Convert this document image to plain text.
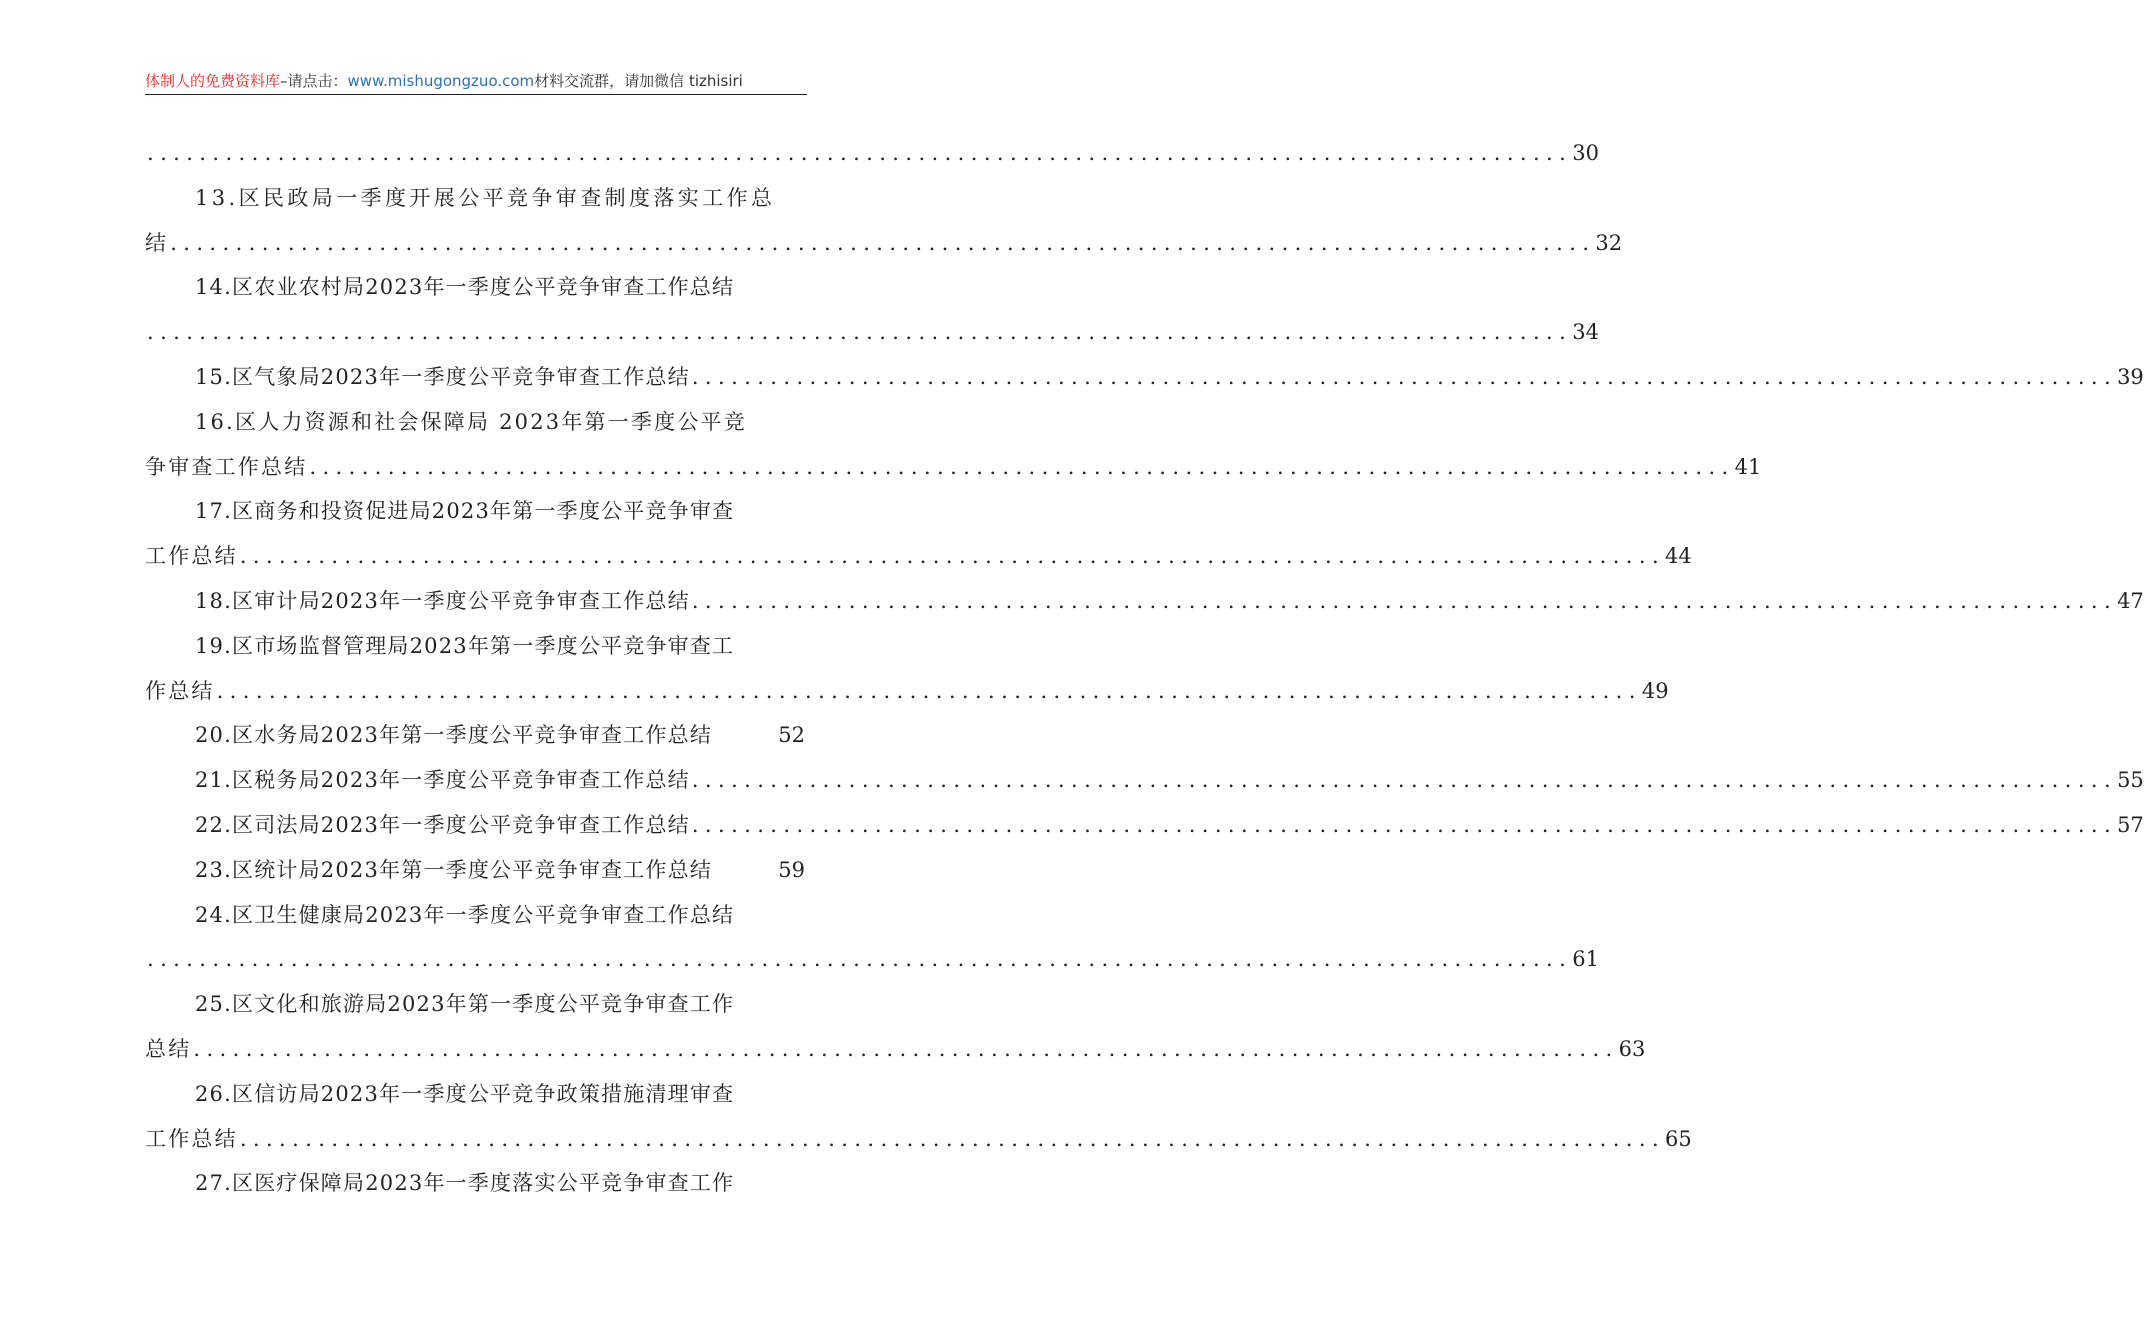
体制人的免费资料库–请点击：www.mishugongzuo.com材料交流群，请加微信 tizhisiri
............................................................................................................. 30
13.区民政局一季度开展公平竞争审查制度落实工作总
结 ............................................................................................................. 32
14.区农业农村局2023年一季度公平竞争审查工作总结
............................................................................................................. 34
15.区气象局2023年一季度公平竞争审查工作总结 ............................................................................................................. 39
16.区人力资源和社会保障局 2023年第一季度公平竞
争审查工作总结 ............................................................................................................. 41
17.区商务和投资促进局2023年第一季度公平竞争审查
工作总结 ............................................................................................................. 44
18.区审计局2023年一季度公平竞争审查工作总结 ............................................................................................................. 47
19.区市场监督管理局2023年第一季度公平竞争审查工
作总结 ............................................................................................................. 49
20.区水务局2023年第一季度公平竞争审查工作总结	52
21.区税务局2023年一季度公平竞争审查工作总结 ............................................................................................................. 55
22.区司法局2023年一季度公平竞争审查工作总结 ............................................................................................................. 57
23.区统计局2023年第一季度公平竞争审查工作总结	59
24.区卫生健康局2023年一季度公平竞争审查工作总结
............................................................................................................. 61
25.区文化和旅游局2023年第一季度公平竞争审查工作
总结 ............................................................................................................. 63
26.区信访局2023年一季度公平竞争政策措施清理审查
工作总结 ............................................................................................................. 65
27.区医疗保障局2023年一季度落实公平竞争审查工作
